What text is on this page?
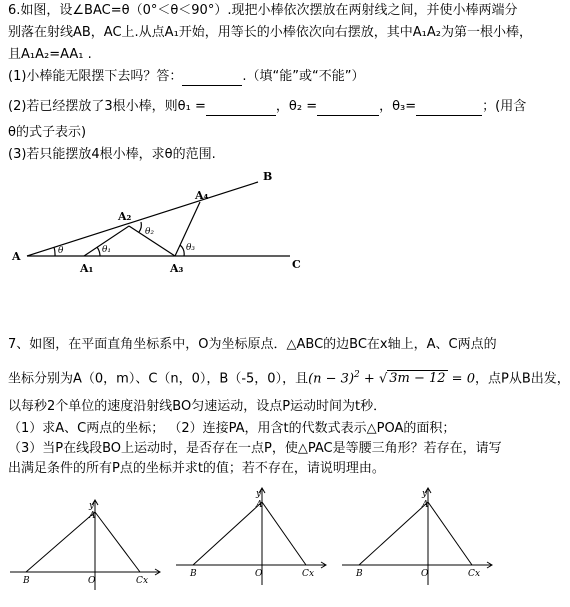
6.如图，设∠BAC=θ（0°＜θ＜90°）.现把小棒依次摆放在两射线之间，并使小棒两端分
别落在射线AB，AC上.从点A₁开始，用等长的小棒依次向右摆放，其中A₁A₂为第一根小棒，
且A₁A₂=AA₁ .
(1)小棒能无限摆下去吗？答：	.（填“能”或“不能”）
(2)若已经摆放了3根小棒，则θ₁ =	，θ₂ =	，θ₃=	；(用含
θ的式子表示)
(3)若只能摆放4根小棒，求θ的范围.
A
B
C
A₁
A₂
A₃
A₄
θ	θ₁
θ₂
θ₃
7、如图，在平面直角坐标系中，O为坐标原点．△ABC的边BC在x轴上，A、C两点的
坐标分别为A（0，m）、C（n，0），B（-5，0），且$(n - 3)^2$ + √ 3m − 12 = 0，点P从B出发，
以每秒2个单位的速度沿射线BO匀速运动，设点P运动时间为t秒．
（1）求A、C两点的坐标； （2）连接PA，用含t的代数式表示△POA的面积；
（3）当P在线段BO上运动时，是否存在一点P，使△PAC是等腰三角形？若存在，请写
出满足条件的所有P点的坐标并求t的值；若不存在，请说明理由。
y
A
B	O	C x
y
A
B	O	C x
y
A
B	O	C x
